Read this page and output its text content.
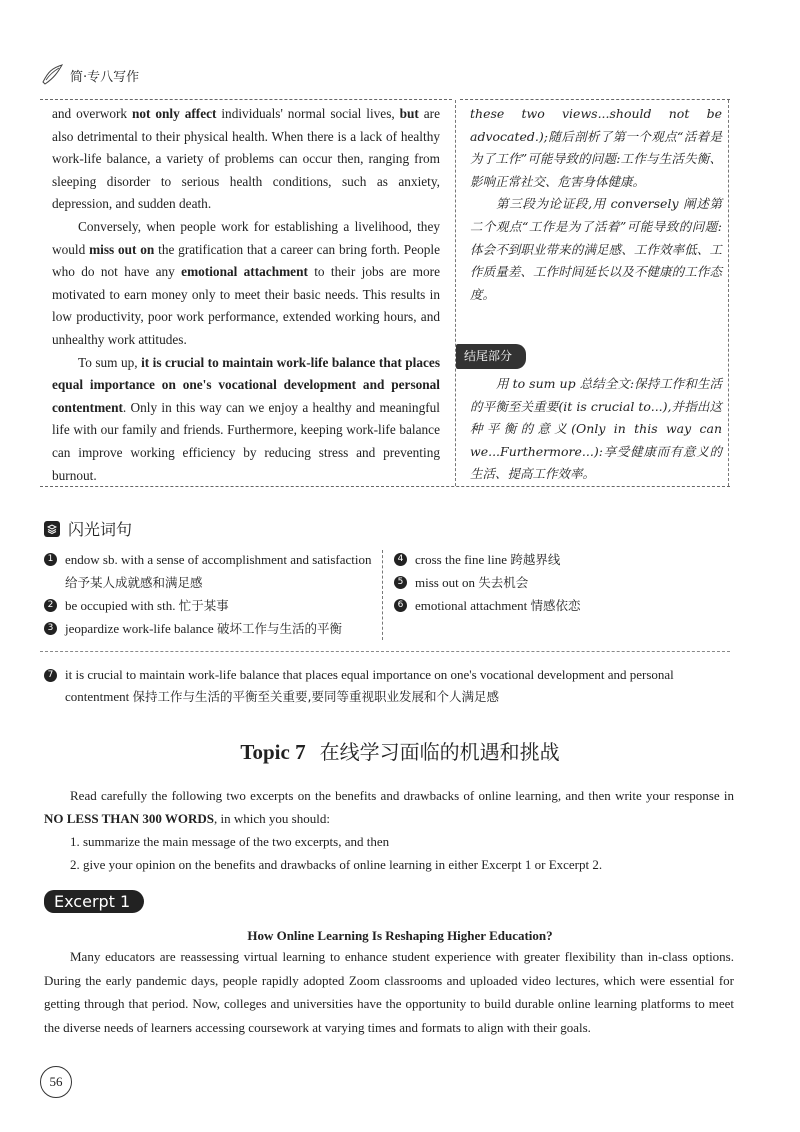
简·专八写作

and overwork not only affect individuals' normal social lives, but are also detrimental to their physical health. When there is a lack of healthy work-life balance, a variety of problems can occur then, ranging from sleeping disorder to serious health conditions, such as anxiety, depression, and sudden death.

Conversely, when people work for establishing a livelihood, they would miss out on the gratification that a career can bring forth. People who do not have any emotional attachment to their jobs are more motivated to earn money only to meet their basic needs. This results in low productivity, poor work performance, extended working hours, and unhealthy work attitudes.

To sum up, it is crucial to maintain work-life balance that places equal importance on one's vocational development and personal contentment. Only in this way can we enjoy a healthy and meaningful life with our family and friends. Furthermore, keeping work-life balance can improve working efficiency by reducing stress and preventing burnout.

these two views...should not be advocated.);随后剖析了第一个观点“活着是为了工作”可能导致的问题:工作与生活失衡、影响正常社交、危害身体健康。

第三段为论证段,用 conversely 阐述第二个观点“工作是为了活着”可能导致的问题:体会不到职业带来的满足感、工作效率低、工作质量差、工作时间延长以及不健康的工作态度。

结尾部分

用 to sum up 总结全文:保持工作和生活的平衡至关重要(it is crucial to...),并指出这种平衡的意义(Only in this way can we...Furthermore...):享受健康而有意义的生活、提高工作效率。

闪光词句
1 endow sb. with a sense of accomplishment and satisfaction 给予某人成就感和满足感
2 be occupied with sth. 忙于某事
3 jeopardize work-life balance 破坏工作与生活的平衡
4 cross the fine line 跨越界线
5 miss out on 失去机会
6 emotional attachment 情感依恋
7 it is crucial to maintain work-life balance that places equal importance on one's vocational development and personal contentment 保持工作与生活的平衡至关重要,要同等重视职业发展和个人满足感
Topic 7 在线学习面临的机遇和挑战

Read carefully the following two excerpts on the benefits and drawbacks of online learning, and then write your response in NO LESS THAN 300 WORDS, in which you should:

1. summarize the main message of the two excerpts, and then

2. give your opinion on the benefits and drawbacks of online learning in either Excerpt 1 or Excerpt 2.

Excerpt 1
How Online Learning Is Reshaping Higher Education?

Many educators are reassessing virtual learning to enhance student experience with greater flexibility than in-class options. During the early pandemic days, people rapidly adopted Zoom classrooms and uploaded video lectures, which were essential for getting through that period. Now, colleges and universities have the opportunity to build durable online learning platforms to meet the diverse needs of learners accessing coursework at varying times and formats to align with their goals.

56
